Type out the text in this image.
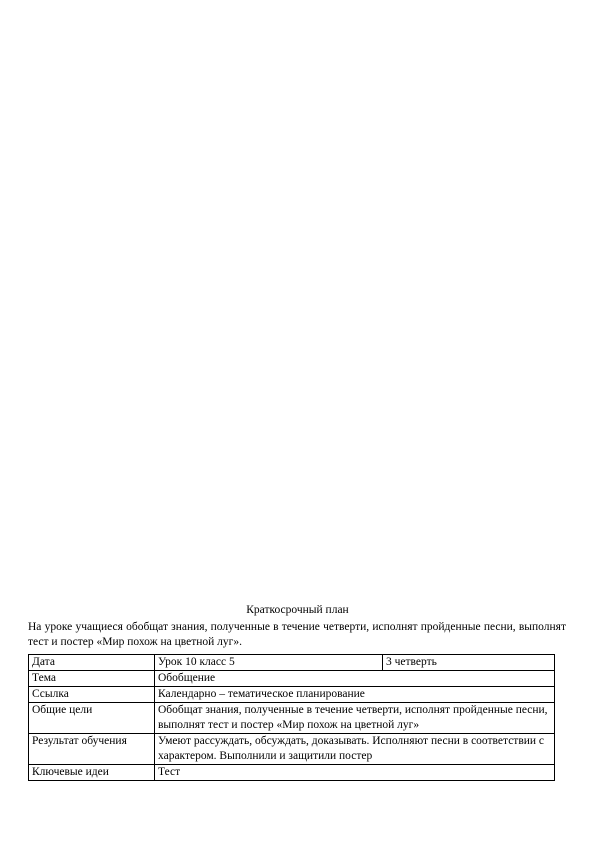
Краткосрочный план
На уроке учащиеся обобщат знания, полученные в течение четверти, исполнят пройденные песни, выполнят тест и постер «Мир похож на цветной луг».
Дата	Урок 10 класс 5	3 четверть
Тема	Обобщение	
Ссылка	Календарно – тематическое планирование	
Общие цели	Обобщат знания, полученные в течение четверти, исполнят пройденные песни, выполнят тест и постер «Мир похож на цветной луг»	
Результат обучения	Умеют рассуждать, обсуждать, доказывать. Исполняют песни в соответствии с характером. Выполнили и защитили постер	
Ключевые идеи	Тест	
